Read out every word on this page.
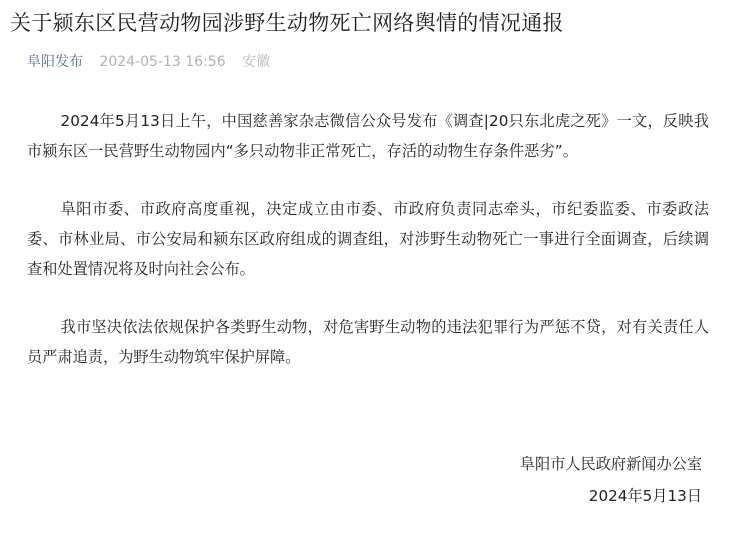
关于颍东区民营动物园涉野生动物死亡网络舆情的情况通报
阜阳发布 2024-05-13 16:56 安徽

2024年5月13日上午，中国慈善家杂志微信公众号发布《调查|20只东北虎之死》一文，反映我市颍东区一民营野生动物园内“多只动物非正常死亡，存活的动物生存条件恶劣”。

阜阳市委、市政府高度重视，决定成立由市委、市政府负责同志牵头，市纪委监委、市委政法委、市林业局、市公安局和颍东区政府组成的调查组，对涉野生动物死亡一事进行全面调查，后续调查和处置情况将及时向社会公布。

我市坚决依法依规保护各类野生动物，对危害野生动物的违法犯罪行为严惩不贷，对有关责任人员严肃追责，为野生动物筑牢保护屏障。

阜阳市人民政府新闻办公室
2024年5月13日
